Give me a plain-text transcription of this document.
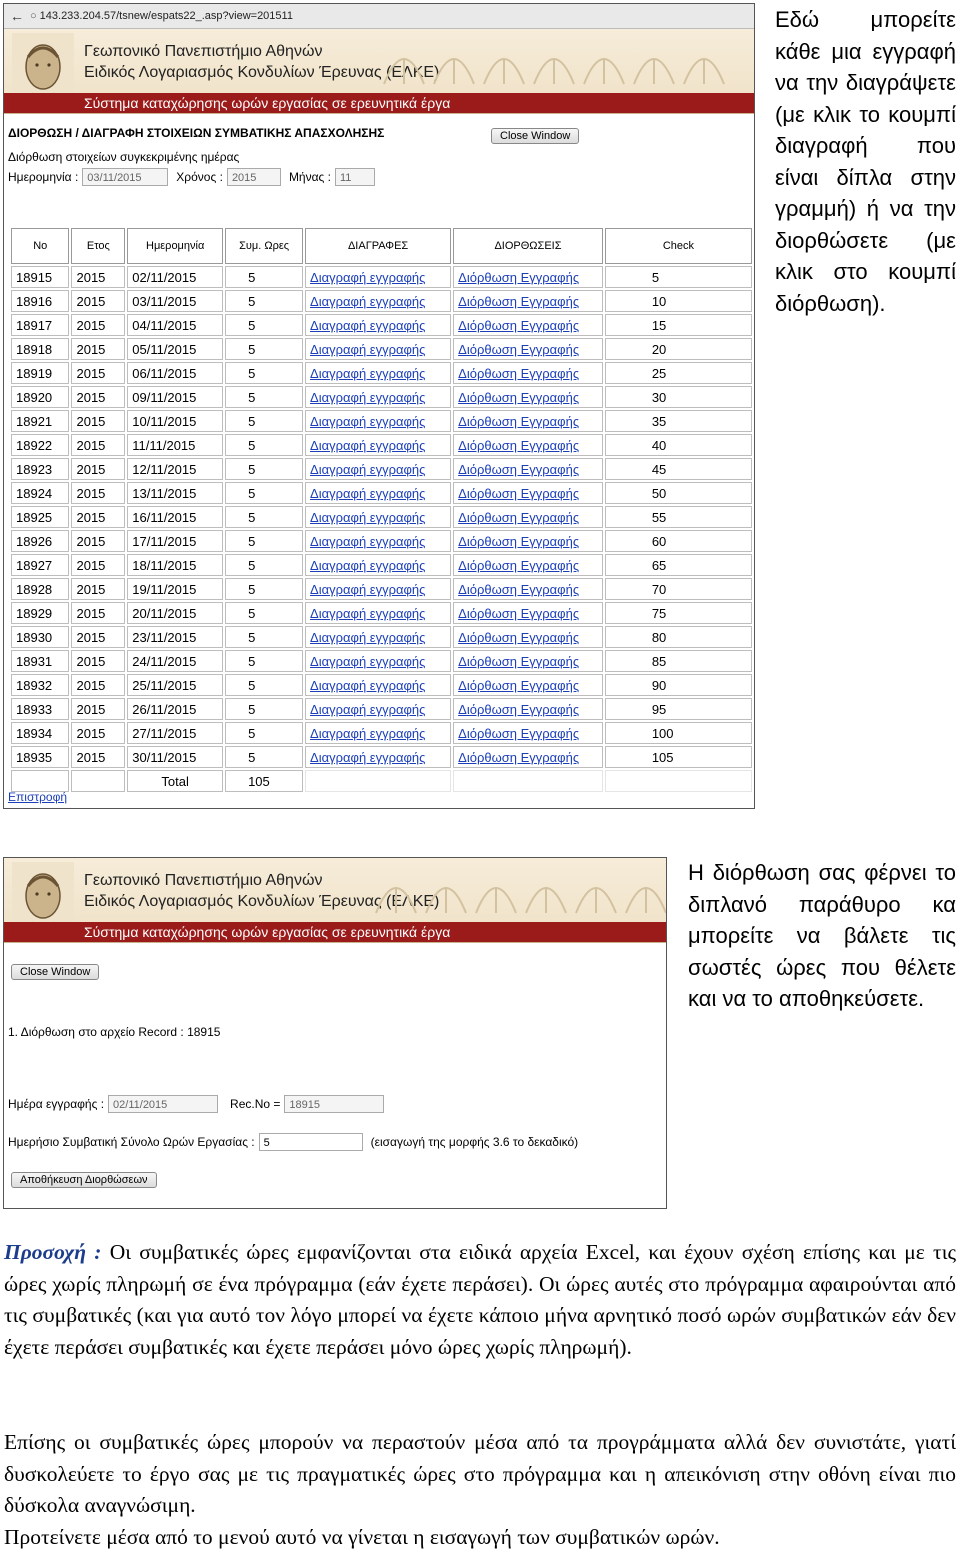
← ○ 143.233.204.57/tsnew/espats22_.asp?view=201511
Γεωπονικό Πανεπιστήμιο Αθηνών
Ειδικός Λογαριασμός Κονδυλίων Έρευνας (ΕΛΚΕ)
Σύστημα καταχώρησης ωρών εργασίας σε ερευνητικά έργα
ΔΙΟΡΘΩΣΗ / ΔΙΑΓΡΑΦΗ ΣΤΟΙΧΕΙΩΝ ΣΥΜΒΑΤΙΚΗΣ ΑΠΑΣΧΟΛΗΣΗΣ	Close Window
Διόρθωση στοιχείων συγκεκριμένης ημέρας
Ημερομηνία : 03/11/2015	Χρόνος : 2015	Μήνας : 11
No	Ετος	Ημερομηνία	Συμ. Ωρες	ΔΙΑΓΡΑΦΕΣ	ΔΙΟΡΘΩΣΕΙΣ	Check
18915	2015	02/11/2015	5	Διαγραφή εγγραφής	Διόρθωση Εγγραφής	5
18916	2015	03/11/2015	5	Διαγραφή εγγραφής	Διόρθωση Εγγραφής	10
18917	2015	04/11/2015	5	Διαγραφή εγγραφής	Διόρθωση Εγγραφής	15
18918	2015	05/11/2015	5	Διαγραφή εγγραφής	Διόρθωση Εγγραφής	20
18919	2015	06/11/2015	5	Διαγραφή εγγραφής	Διόρθωση Εγγραφής	25
18920	2015	09/11/2015	5	Διαγραφή εγγραφής	Διόρθωση Εγγραφής	30
18921	2015	10/11/2015	5	Διαγραφή εγγραφής	Διόρθωση Εγγραφής	35
18922	2015	11/11/2015	5	Διαγραφή εγγραφής	Διόρθωση Εγγραφής	40
18923	2015	12/11/2015	5	Διαγραφή εγγραφής	Διόρθωση Εγγραφής	45
18924	2015	13/11/2015	5	Διαγραφή εγγραφής	Διόρθωση Εγγραφής	50
18925	2015	16/11/2015	5	Διαγραφή εγγραφής	Διόρθωση Εγγραφής	55
18926	2015	17/11/2015	5	Διαγραφή εγγραφής	Διόρθωση Εγγραφής	60
18927	2015	18/11/2015	5	Διαγραφή εγγραφής	Διόρθωση Εγγραφής	65
18928	2015	19/11/2015	5	Διαγραφή εγγραφής	Διόρθωση Εγγραφής	70
18929	2015	20/11/2015	5	Διαγραφή εγγραφής	Διόρθωση Εγγραφής	75
18930	2015	23/11/2015	5	Διαγραφή εγγραφής	Διόρθωση Εγγραφής	80
18931	2015	24/11/2015	5	Διαγραφή εγγραφής	Διόρθωση Εγγραφής	85
18932	2015	25/11/2015	5	Διαγραφή εγγραφής	Διόρθωση Εγγραφής	90
18933	2015	26/11/2015	5	Διαγραφή εγγραφής	Διόρθωση Εγγραφής	95
18934	2015	27/11/2015	5	Διαγραφή εγγραφής	Διόρθωση Εγγραφής	100
18935	2015	30/11/2015	5	Διαγραφή εγγραφής	Διόρθωση Εγγραφής	105
		Total	105			
Επιστροφή
Εδώ μπορείτε κάθε μια εγγραφή να την διαγράψετε (με κλικ το κουμπί διαγραφή που είναι δίπλα στην γραμμή) ή να την διορθώσετε (με κλικ στο κουμπί διόρθωση).
Γεωπονικό Πανεπιστήμιο Αθηνών
Ειδικός Λογαριασμός Κονδυλίων Έρευνας (ΕΛΚΕ)
Σύστημα καταχώρησης ωρών εργασίας σε ερευνητικά έργα
Close Window
1. Διόρθωση στο αρχείο Record : 18915
Ημέρα εγγραφής : 02/11/2015	Rec.No = 18915
Ημερήσιο Συμβατική Σύνολο Ωρών Εργασίας : 5	(εισαγωγή της μορφής 3.6 το δεκαδικό)
Αποθήκευση Διορθώσεων
Η διόρθωση σας φέρνει το διπλανό παράθυρο κα μπορείτε να βάλετε τις σωστές ώρες που θέλετε και να το αποθηκεύσετε.
Προσοχή : Οι συμβατικές ώρες εμφανίζονται στα ειδικά αρχεία Excel, και έχουν σχέση επίσης και με τις ώρες χωρίς πληρωμή σε ένα πρόγραμμα (εάν έχετε περάσει). Οι ώρες αυτές στο πρόγραμμα αφαιρούνται από τις συμβατικές (και για αυτό τον λόγο μπορεί να έχετε κάποιο μήνα αρνητικό ποσό ωρών συμβατικών εάν δεν έχετε περάσει συμβατικές και έχετε περάσει μόνο ώρες χωρίς πληρωμή).
Επίσης οι συμβατικές ώρες μπορούν να περαστούν μέσα από τα προγράμματα αλλά δεν συνιστάτε, γιατί δυσκολεύετε το έργο σας με τις πραγματικές ώρες στο πρόγραμμα και η απεικόνιση στην οθόνη είναι πιο δύσκολα αναγνώσιμη.
Προτείνετε μέσα από το μενού αυτό να γίνεται η εισαγωγή των συμβατικών ωρών.
